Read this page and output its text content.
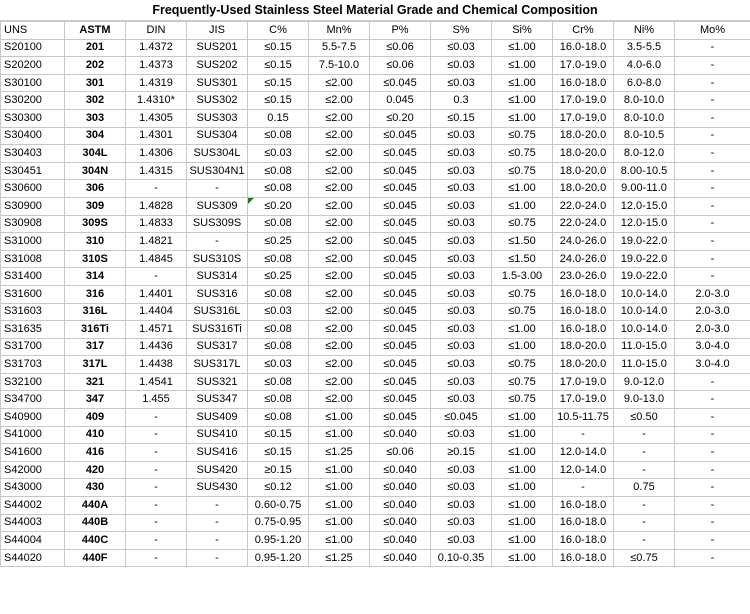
Frequently-Used Stainless Steel Material Grade and Chemical Composition
UNS	ASTM	DIN	JIS	C%	Mn%	P%	S%	Si%	Cr%	Ni%	Mo%
S20100	201	1.4372	SUS201	≤0.15	5.5-7.5	≤0.06	≤0.03	≤1.00	16.0-18.0	3.5-5.5	-
S20200	202	1.4373	SUS202	≤0.15	7.5-10.0	≤0.06	≤0.03	≤1.00	17.0-19.0	4.0-6.0	-
S30100	301	1.4319	SUS301	≤0.15	≤2.00	≤0.045	≤0.03	≤1.00	16.0-18.0	6.0-8.0	-
S30200	302	1.4310*	SUS302	≤0.15	≤2.00	0.045	0.3	≤1.00	17.0-19.0	8.0-10.0	-
S30300	303	1.4305	SUS303	0.15	≤2.00	≤0.20	≤0.15	≤1.00	17.0-19.0	8.0-10.0	-
S30400	304	1.4301	SUS304	≤0.08	≤2.00	≤0.045	≤0.03	≤0.75	18.0-20.0	8.0-10.5	-
S30403	304L	1.4306	SUS304L	≤0.03	≤2.00	≤0.045	≤0.03	≤0.75	18.0-20.0	8.0-12.0	-
S30451	304N	1.4315	SUS304N1	≤0.08	≤2.00	≤0.045	≤0.03	≤0.75	18.0-20.0	8.00-10.5	-
S30600	306	-	-	≤0.08	≤2.00	≤0.045	≤0.03	≤1.00	18.0-20.0	9.00-11.0	-
S30900	309	1.4828	SUS309	≤0.20	≤2.00	≤0.045	≤0.03	≤1.00	22.0-24.0	12.0-15.0	-
S30908	309S	1.4833	SUS309S	≤0.08	≤2.00	≤0.045	≤0.03	≤0.75	22.0-24.0	12.0-15.0	-
S31000	310	1.4821	-	≤0.25	≤2.00	≤0.045	≤0.03	≤1.50	24.0-26.0	19.0-22.0	-
S31008	310S	1.4845	SUS310S	≤0.08	≤2.00	≤0.045	≤0.03	≤1.50	24.0-26.0	19.0-22.0	-
S31400	314	-	SUS314	≤0.25	≤2.00	≤0.045	≤0.03	1.5-3.00	23.0-26.0	19.0-22.0	-
S31600	316	1.4401	SUS316	≤0.08	≤2.00	≤0.045	≤0.03	≤0.75	16.0-18.0	10.0-14.0	2.0-3.0
S31603	316L	1.4404	SUS316L	≤0.03	≤2.00	≤0.045	≤0.03	≤0.75	16.0-18.0	10.0-14.0	2.0-3.0
S31635	316Ti	1.4571	SUS316Ti	≤0.08	≤2.00	≤0.045	≤0.03	≤1.00	16.0-18.0	10.0-14.0	2.0-3.0
S31700	317	1.4436	SUS317	≤0.08	≤2.00	≤0.045	≤0.03	≤1.00	18.0-20.0	11.0-15.0	3.0-4.0
S31703	317L	1.4438	SUS317L	≤0.03	≤2.00	≤0.045	≤0.03	≤0.75	18.0-20.0	11.0-15.0	3.0-4.0
S32100	321	1.4541	SUS321	≤0.08	≤2.00	≤0.045	≤0.03	≤0.75	17.0-19.0	9.0-12.0	-
S34700	347	1.455	SUS347	≤0.08	≤2.00	≤0.045	≤0.03	≤0.75	17.0-19.0	9.0-13.0	-
S40900	409	-	SUS409	≤0.08	≤1.00	≤0.045	≤0.045	≤1.00	10.5-11.75	≤0.50	-
S41000	410	-	SUS410	≤0.15	≤1.00	≤0.040	≤0.03	≤1.00	-	-	-
S41600	416	-	SUS416	≤0.15	≤1.25	≤0.06	≥0.15	≤1.00	12.0-14.0	-	-
S42000	420	-	SUS420	≥0.15	≤1.00	≤0.040	≤0.03	≤1.00	12.0-14.0	-	-
S43000	430	-	SUS430	≤0.12	≤1.00	≤0.040	≤0.03	≤1.00	-	0.75	-
S44002	440A	-	-	0.60-0.75	≤1.00	≤0.040	≤0.03	≤1.00	16.0-18.0	-	-
S44003	440B	-	-	0.75-0.95	≤1.00	≤0.040	≤0.03	≤1.00	16.0-18.0	-	-
S44004	440C	-	-	0.95-1.20	≤1.00	≤0.040	≤0.03	≤1.00	16.0-18.0	-	-
S44020	440F	-	-	0.95-1.20	≤1.25	≤0.040	0.10-0.35	≤1.00	16.0-18.0	≤0.75	-
